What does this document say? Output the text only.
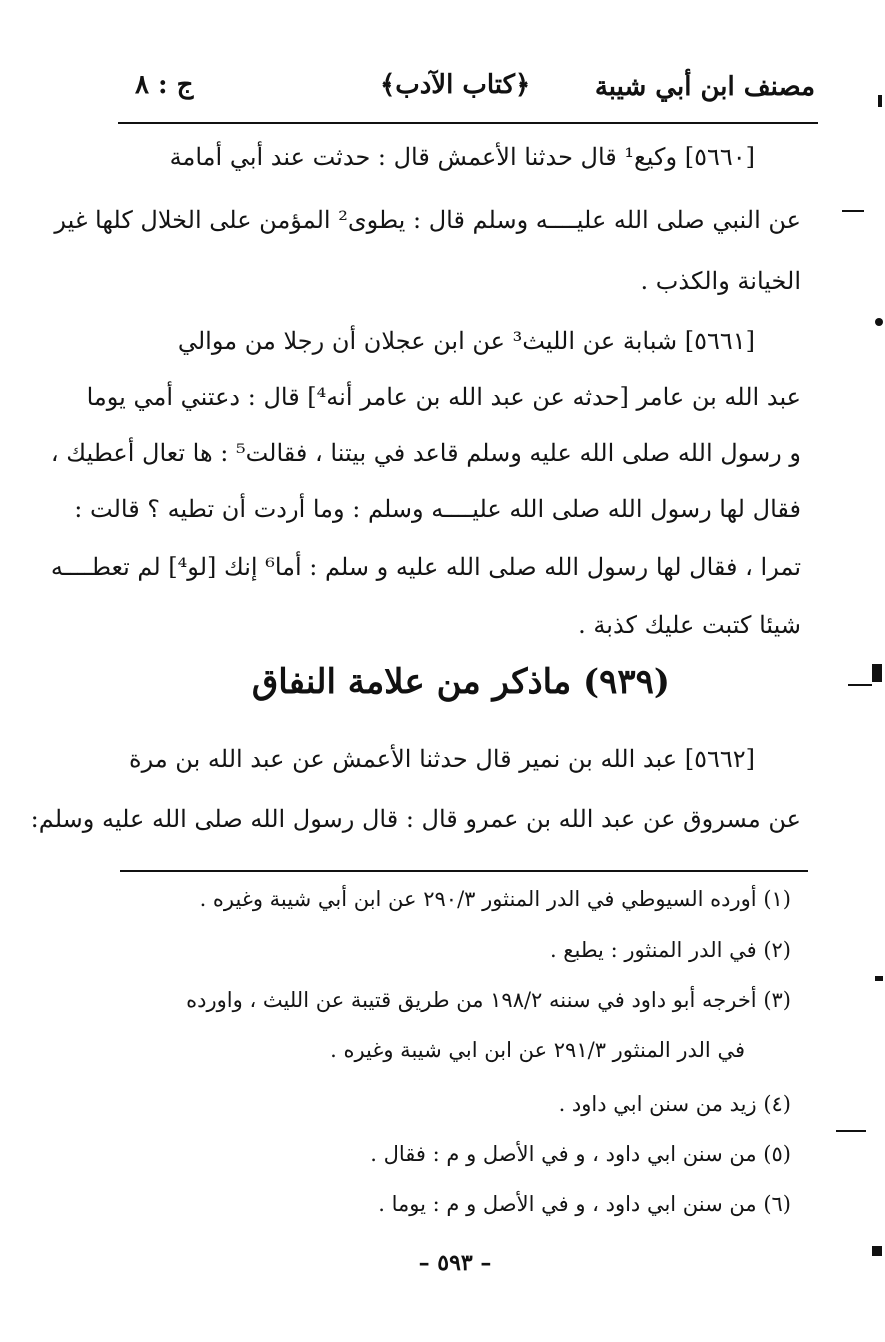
مصنف ابن أبي شيبة
﴿كتاب الآدب﴾
ج : ٨
[٥٦٦٠] وكيع¹ قال حدثنا الأعمش قال : حدثت عند أبي أمامة
عن النبي صلى الله عليــــه وسلم قال : يطوى² المؤمن على الخلال كلها غير
الخيانة والكذب .
[٥٦٦١] شبابة عن الليث³ عن ابن عجلان أن رجلا من موالي
عبد الله بن عامر [حدثه عن عبد الله بن عامر أنه⁴] قال : دعتني أمي يوما
و رسول الله صلى الله عليه وسلم قاعد في بيتنا ، فقالت⁵ : ها تعال أعطيك ،
فقال لها رسول الله صلى الله عليــــه وسلم : وما أردت أن تطيه ؟ قالت :
تمرا ، فقال لها رسول الله صلى الله عليه و سلم : أما⁶ إنك [لو⁴] لم تعطــــه
شيئا كتبت عليك كذبة .
(٩٣٩) ماذكر من علامة النفاق
[٥٦٦٢] عبد الله بن نمير قال حدثنا الأعمش عن عبد الله بن مرة
عن مسروق عن عبد الله بن عمرو قال : قال رسول الله صلى الله عليه وسلم:
(١) أورده السيوطي في الدر المنثور ٢٩٠/٣ عن ابن أبي شيبة وغيره .
(٢) في الدر المنثور : يطبع .
(٣) أخرجه أبو داود في سننه ١٩٨/٢ من طريق قتيبة عن الليث ، واورده
في الدر المنثور ٢٩١/٣ عن ابن ابي شيبة وغيره .
(٤) زيد من سنن ابي داود .
(٥) من سنن ابي داود ، و في الأصل و م : فقال .
(٦) من سنن ابي داود ، و في الأصل و م : يوما .
– ٥٩٣ –
